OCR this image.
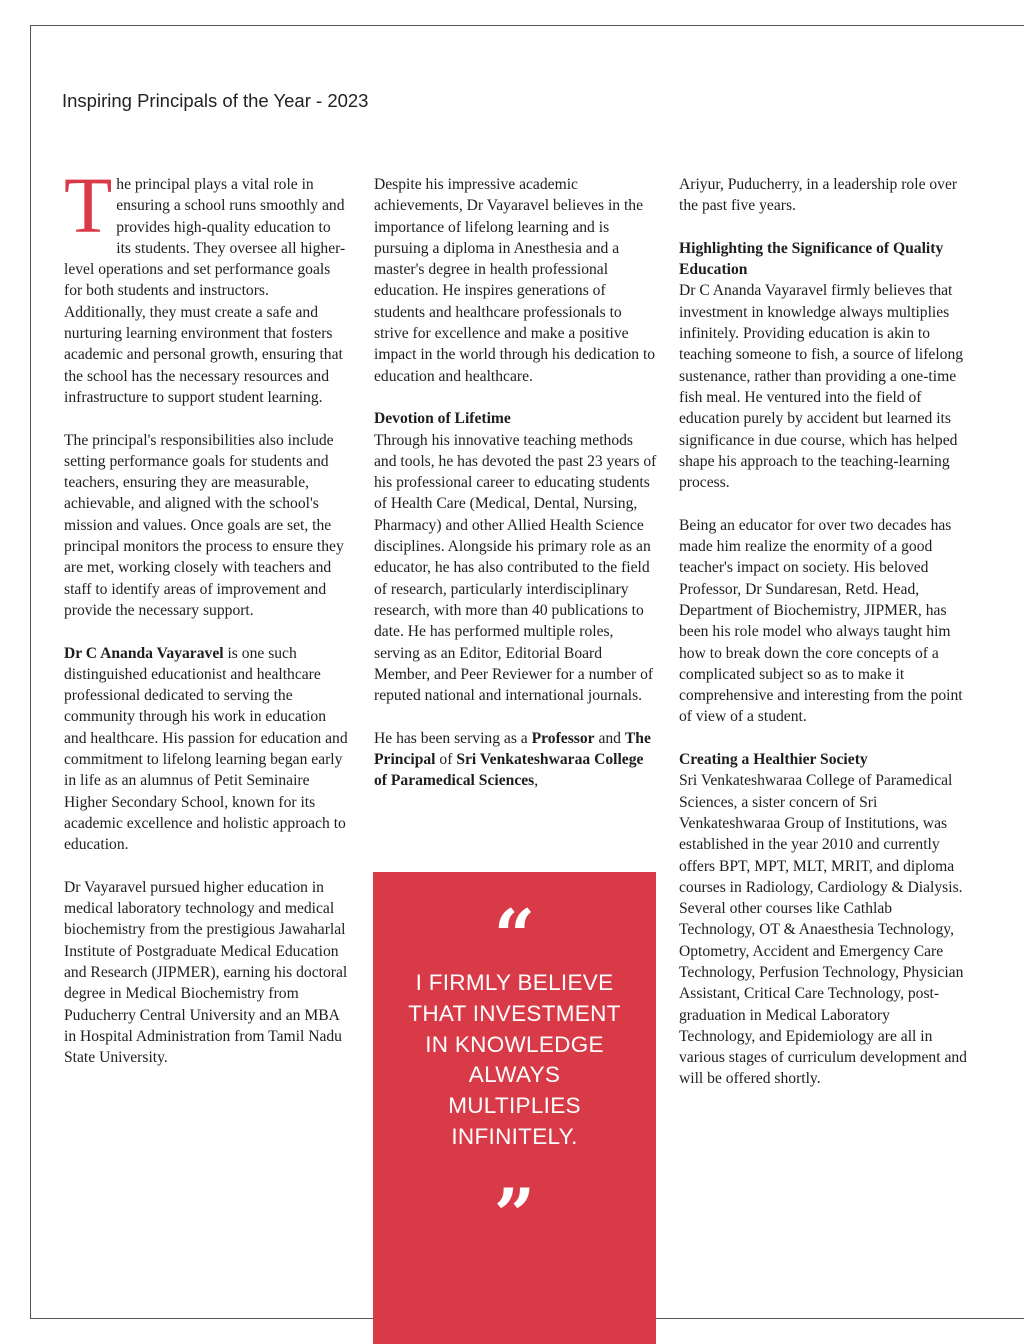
Inspiring Principals of the Year - 2023

The principal plays a vital role in ensuring a school runs smoothly and provides high-quality education to its students. They oversee all higher-level operations and set performance goals for both students and instructors. Additionally, they must create a safe and nurturing learning environment that fosters academic and personal growth, ensuring that the school has the necessary resources and infrastructure to support student learning.

The principal's responsibilities also include setting performance goals for students and teachers, ensuring they are measurable, achievable, and aligned with the school's mission and values. Once goals are set, the principal monitors the process to ensure they are met, working closely with teachers and staff to identify areas of improvement and provide the necessary support.

Dr C Ananda Vayaravel is one such distinguished educationist and healthcare professional dedicated to serving the community through his work in education and healthcare. His passion for education and commitment to lifelong learning began early in life as an alumnus of Petit Seminaire Higher Secondary School, known for its academic excellence and holistic approach to education.

Dr Vayaravel pursued higher education in medical laboratory technology and medical biochemistry from the prestigious Jawaharlal Institute of Postgraduate Medical Education and Research (JIPMER), earning his doctoral degree in Medical Biochemistry from Puducherry Central University and an MBA in Hospital Administration from Tamil Nadu State University.

Despite his impressive academic achievements, Dr Vayaravel believes in the importance of lifelong learning and is pursuing a diploma in Anesthesia and a master's degree in health professional education. He inspires generations of students and healthcare professionals to strive for excellence and make a positive impact in the world through his dedication to education and healthcare.

Devotion of Lifetime

Through his innovative teaching methods and tools, he has devoted the past 23 years of his professional career to educating students of Health Care (Medical, Dental, Nursing, Pharmacy) and other Allied Health Science disciplines. Alongside his primary role as an educator, he has also contributed to the field of research, particularly interdisciplinary research, with more than 40 publications to date. He has performed multiple roles, serving as an Editor, Editorial Board Member, and Peer Reviewer for a number of reputed national and international journals.

He has been serving as a Professor and The Principal of Sri Venkateshwaraa College of Paramedical Sciences,

“
I FIRMLY BELIEVE THAT INVESTMENT IN KNOWLEDGE ALWAYS MULTIPLIES INFINITELY.
”

Ariyur, Puducherry, in a leadership role over the past five years.

Highlighting the Significance of Quality Education

Dr C Ananda Vayaravel firmly believes that investment in knowledge always multiplies infinitely. Providing education is akin to teaching someone to fish, a source of lifelong sustenance, rather than providing a one-time fish meal. He ventured into the field of education purely by accident but learned its significance in due course, which has helped shape his approach to the teaching-learning process.

Being an educator for over two decades has made him realize the enormity of a good teacher's impact on society. His beloved Professor, Dr Sundaresan, Retd. Head, Department of Biochemistry, JIPMER, has been his role model who always taught him how to break down the core concepts of a complicated subject so as to make it comprehensive and interesting from the point of view of a student.

Creating a Healthier Society

Sri Venkateshwaraa College of Paramedical Sciences, a sister concern of Sri Venkateshwaraa Group of Institutions, was established in the year 2010 and currently offers BPT, MPT, MLT, MRIT, and diploma courses in Radiology, Cardiology & Dialysis. Several other courses like Cathlab Technology, OT & Anaesthesia Technology, Optometry, Accident and Emergency Care Technology, Perfusion Technology, Physician Assistant, Critical Care Technology, post-graduation in Medical Laboratory Technology, and Epidemiology are all in various stages of curriculum development and will be offered shortly.
